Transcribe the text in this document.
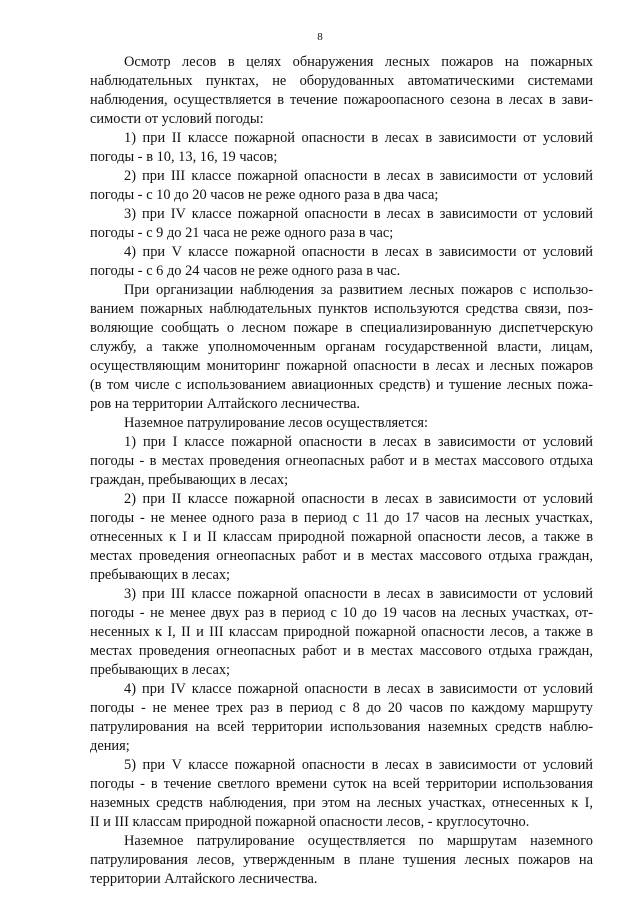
8
Осмотр лесов в целях обнаружения лесных пожаров на пожарных
наблюдательных пунктах, не оборудованных автоматическими системами
наблюдения, осуществляется в течение пожароопасного сезона в лесах в зави-
симости от условий погоды:
1) при II классе пожарной опасности в лесах в зависимости от условий
погоды - в 10, 13, 16, 19 часов;
2) при III классе пожарной опасности в лесах в зависимости от условий
погоды - с 10 до 20 часов не реже одного раза в два часа;
3) при IV классе пожарной опасности в лесах в зависимости от условий
погоды - с 9 до 21 часа не реже одного раза в час;
4) при V классе пожарной опасности в лесах в зависимости от условий
погоды - с 6 до 24 часов не реже одного раза в час.
При организации наблюдения за развитием лесных пожаров с использо-
ванием пожарных наблюдательных пунктов используются средства связи, поз-
воляющие сообщать о лесном пожаре в специализированную диспетчерскую
службу, а также уполномоченным органам государственной власти, лицам,
осуществляющим мониторинг пожарной опасности в лесах и лесных пожаров
(в том числе с использованием авиационных средств) и тушение лесных пожа-
ров на территории Алтайского лесничества.
Наземное патрулирование лесов осуществляется:
1) при I классе пожарной опасности в лесах в зависимости от условий
погоды - в местах проведения огнеопасных работ и в местах массового отдыха
граждан, пребывающих в лесах;
2) при II классе пожарной опасности в лесах в зависимости от условий
погоды - не менее одного раза в период с 11 до 17 часов на лесных участках,
отнесенных к I и II классам природной пожарной опасности лесов, а также в
местах проведения огнеопасных работ и в местах массового отдыха граждан,
пребывающих в лесах;
3) при III классе пожарной опасности в лесах в зависимости от условий
погоды - не менее двух раз в период с 10 до 19 часов на лесных участках, от-
несенных к I, II и III классам природной пожарной опасности лесов, а также в
местах проведения огнеопасных работ и в местах массового отдыха граждан,
пребывающих в лесах;
4) при IV классе пожарной опасности в лесах в зависимости от условий
погоды - не менее трех раз в период с 8 до 20 часов по каждому маршруту
патрулирования на всей территории использования наземных средств наблю-
дения;
5) при V классе пожарной опасности в лесах в зависимости от условий
погоды - в течение светлого времени суток на всей территории использования
наземных средств наблюдения, при этом на лесных участках, отнесенных к I,
II и III классам природной пожарной опасности лесов, - круглосуточно.
Наземное патрулирование осуществляется по маршрутам наземного
патрулирования лесов, утвержденным в плане тушения лесных пожаров на
территории Алтайского лесничества.
